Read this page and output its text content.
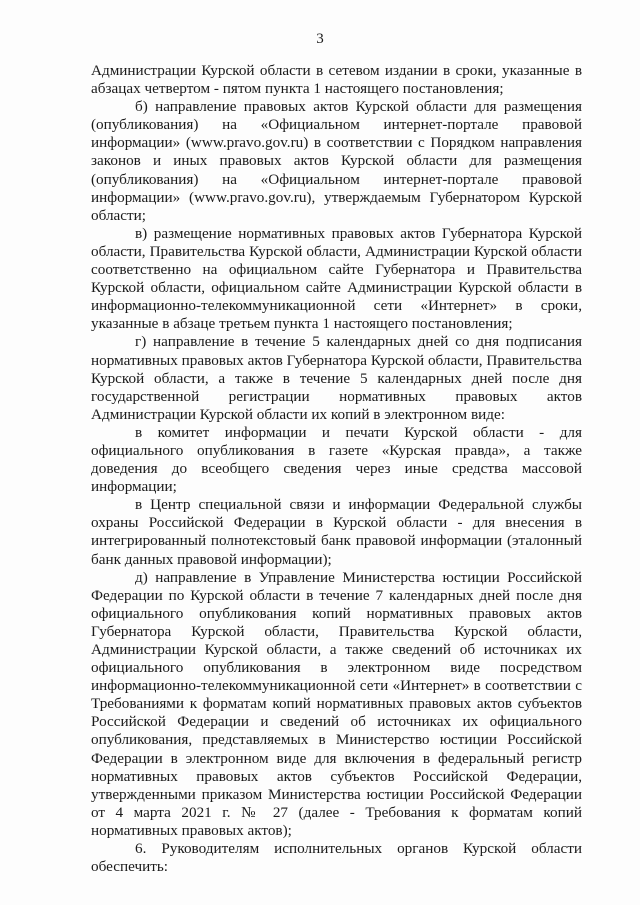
3

Администрации Курской области в сетевом издании в сроки, указанные в абзацах четвертом - пятом пункта 1 настоящего постановления;

б) направление правовых актов Курской области для размещения (опубликования) на «Официальном интернет-портале правовой информации» (www.pravo.gov.ru) в соответствии с Порядком направления законов и иных правовых актов Курской области для размещения (опубликования) на «Официальном интернет-портале правовой информации» (www.pravo.gov.ru), утверждаемым Губернатором Курской области;

в) размещение нормативных правовых актов Губернатора Курской области, Правительства Курской области, Администрации Курской области соответственно на официальном сайте Губернатора и Правительства Курской области, официальном сайте Администрации Курской области в информационно-телекоммуникационной сети «Интернет» в сроки, указанные в абзаце третьем пункта 1 настоящего постановления;

г) направление в течение 5 календарных дней со дня подписания нормативных правовых актов Губернатора Курской области, Правительства Курской области, а также в течение 5 календарных дней после дня государственной регистрации нормативных правовых актов Администрации Курской области их копий в электронном виде:

в комитет информации и печати Курской области - для официального опубликования в газете «Курская правда», а также доведения до всеобщего сведения через иные средства массовой информации;

в Центр специальной связи и информации Федеральной службы охраны Российской Федерации в Курской области - для внесения в интегрированный полнотекстовый банк правовой информации (эталонный банк данных правовой информации);

д) направление в Управление Министерства юстиции Российской Федерации по Курской области в течение 7 календарных дней после дня официального опубликования копий нормативных правовых актов Губернатора Курской области, Правительства Курской области, Администрации Курской области, а также сведений об источниках их официального опубликования в электронном виде посредством информационно-телекоммуникационной сети «Интернет» в соответствии с Требованиями к форматам копий нормативных правовых актов субъектов Российской Федерации и сведений об источниках их официального опубликования, представляемых в Министерство юстиции Российской Федерации в электронном виде для включения в федеральный регистр нормативных правовых актов субъектов Российской Федерации, утвержденными приказом Министерства юстиции Российской Федерации от 4 марта 2021 г. № 27 (далее - Требования к форматам копий нормативных правовых актов);

6. Руководителям исполнительных органов Курской области обеспечить:
